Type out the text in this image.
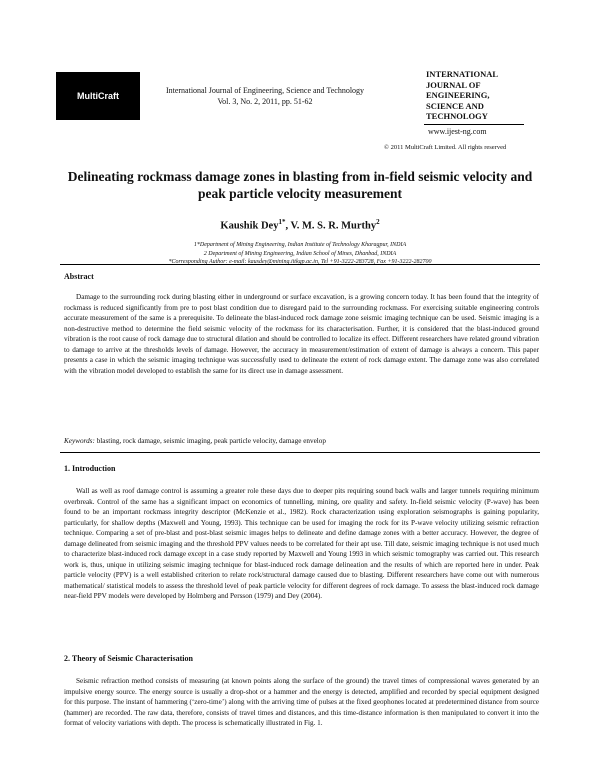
MultiCraft
International Journal of Engineering, Science and Technology
Vol. 3, No. 2, 2011, pp. 51-62
INTERNATIONAL
JOURNAL OF
ENGINEERING,
SCIENCE AND
TECHNOLOGY
www.ijest-ng.com
© 2011 MultiCraft Limited. All rights reserved
Delineating rockmass damage zones in blasting from in-field seismic velocity and peak particle velocity measurement
Kaushik Dey$^{1*}$, V. M. S. R. Murthy$^2$
1*Department of Mining Engineering, Indian Institute of Technology Kharagpur, INDIA
2 Department of Mining Engineering, Indian School of Mines, Dhanbad, INDIA
*Corresponding Author: e-mail: kausdey@mining.iitkgp.ac.in, Tel +91-3222-283728, Fax +91-3222-282700
Abstract

Damage to the surrounding rock during blasting either in underground or surface excavation, is a growing concern today. It has been found that the integrity of rockmass is reduced significantly from pre to post blast condition due to disregard paid to the surrounding rockmass. For exercising suitable engineering controls accurate measurement of the same is a prerequisite. To delineate the blast-induced rock damage zone seismic imaging technique can be used. Seismic imaging is a non-destructive method to determine the field seismic velocity of the rockmass for its characterisation. Further, it is considered that the blast-induced ground vibration is the root cause of rock damage due to structural dilation and should be controlled to localize its effect. Different researchers have related ground vibration to damage to arrive at the thresholds levels of damage. However, the accuracy in measurement/estimation of extent of damage is always a concern. This paper presents a case in which the seismic imaging technique was successfully used to delineate the extent of rock damage extent. The damage zone was also correlated with the vibration model developed to establish the same for its direct use in damage assessment.

Keywords: blasting, rock damage, seismic imaging, peak particle velocity, damage envelop
1. Introduction

Wall as well as roof damage control is assuming a greater role these days due to deeper pits requiring sound back walls and larger tunnels requiring minimum overbreak. Control of the same has a significant impact on economics of tunnelling, mining, ore quality and safety. In-field seismic velocity (P-wave) has been found to be an important rockmass integrity descriptor (McKenzie et al., 1982). Rock characterization using exploration seismographs is gaining popularity, particularly, for shallow depths (Maxwell and Young, 1993). This technique can be used for imaging the rock for its P-wave velocity utilizing seismic refraction technique. Comparing a set of pre-blast and post-blast seismic images helps to delineate and define damage zones with a better accuracy. However, the degree of damage delineated from seismic imaging and the threshold PPV values needs to be correlated for their apt use. Till date, seismic imaging technique is not used much to characterize blast-induced rock damage except in a case study reported by Maxwell and Young 1993 in which seismic tomography was carried out. This research work is, thus, unique in utilizing seismic imaging technique for blast-induced rock damage delineation and the results of which are reported here in under. Peak particle velocity (PPV) is a well established criterion to relate rock/structural damage caused due to blasting. Different researchers have come out with numerous mathematical/ statistical models to assess the threshold level of peak particle velocity for different degrees of rock damage. To assess the blast-induced rock damage near-field PPV models were developed by Holmberg and Persson (1979) and Dey (2004).

2. Theory of Seismic Characterisation

Seismic refraction method consists of measuring (at known points along the surface of the ground) the travel times of compressional waves generated by an impulsive energy source. The energy source is usually a drop-shot or a hammer and the energy is detected, amplified and recorded by special equipment designed for this purpose. The instant of hammering (‘zero-time’) along with the arriving time of pulses at the fixed geophones located at predetermined distance from source (hammer) are recorded. The raw data, therefore, consists of travel times and distances, and this time-distance information is then manipulated to convert it into the format of velocity variations with depth. The process is schematically illustrated in Fig. 1.
